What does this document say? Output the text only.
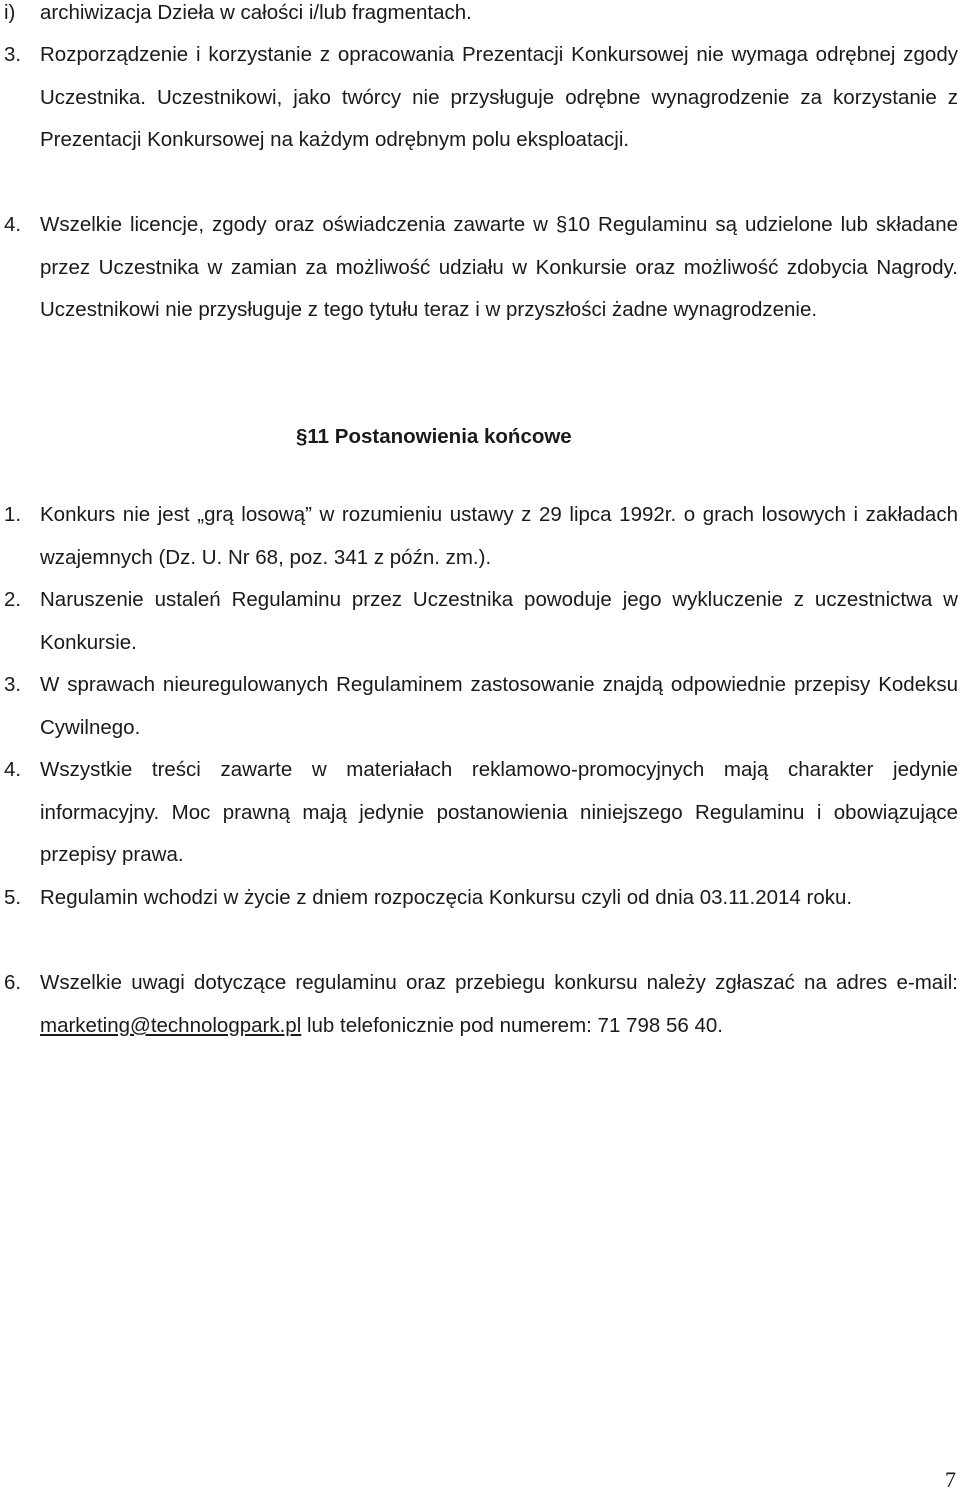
i)	archiwizacja Dzieła w całości i/lub fragmentach.
3. Rozporządzenie i korzystanie z opracowania Prezentacji Konkursowej nie wymaga odrębnej zgody Uczestnika. Uczestnikowi, jako twórcy nie przysługuje odrębne wynagrodzenie za korzystanie z Prezentacji Konkursowej na każdym odrębnym polu eksploatacji.
4. Wszelkie licencje, zgody oraz oświadczenia zawarte w §10 Regulaminu są udzielone lub składane przez Uczestnika w zamian za możliwość udziału w Konkursie oraz możliwość zdobycia Nagrody. Uczestnikowi nie przysługuje z tego tytułu teraz i w przyszłości żadne wynagrodzenie.
§11 Postanowienia końcowe
1. Konkurs nie jest „grą losową” w rozumieniu ustawy z 29 lipca 1992r. o grach losowych i zakładach wzajemnych (Dz. U. Nr 68, poz. 341 z późn. zm.).
2. Naruszenie ustaleń Regulaminu przez Uczestnika powoduje jego wykluczenie z uczestnictwa w Konkursie.
3. W sprawach nieuregulowanych Regulaminem zastosowanie znajdą odpowiednie przepisy Kodeksu Cywilnego.
4. Wszystkie treści zawarte w materiałach reklamowo-promocyjnych mają charakter jedynie informacyjny. Moc prawną mają jedynie postanowienia niniejszego Regulaminu i obowiązujące przepisy prawa.
5. Regulamin wchodzi w życie z dniem rozpoczęcia Konkursu czyli od dnia 03.11.2014 roku.
6. Wszelkie uwagi dotyczące regulaminu oraz przebiegu konkursu należy zgłaszać na adres e-mail: marketing@technologpark.pl lub telefonicznie pod numerem: 71 798 56 40.
7
